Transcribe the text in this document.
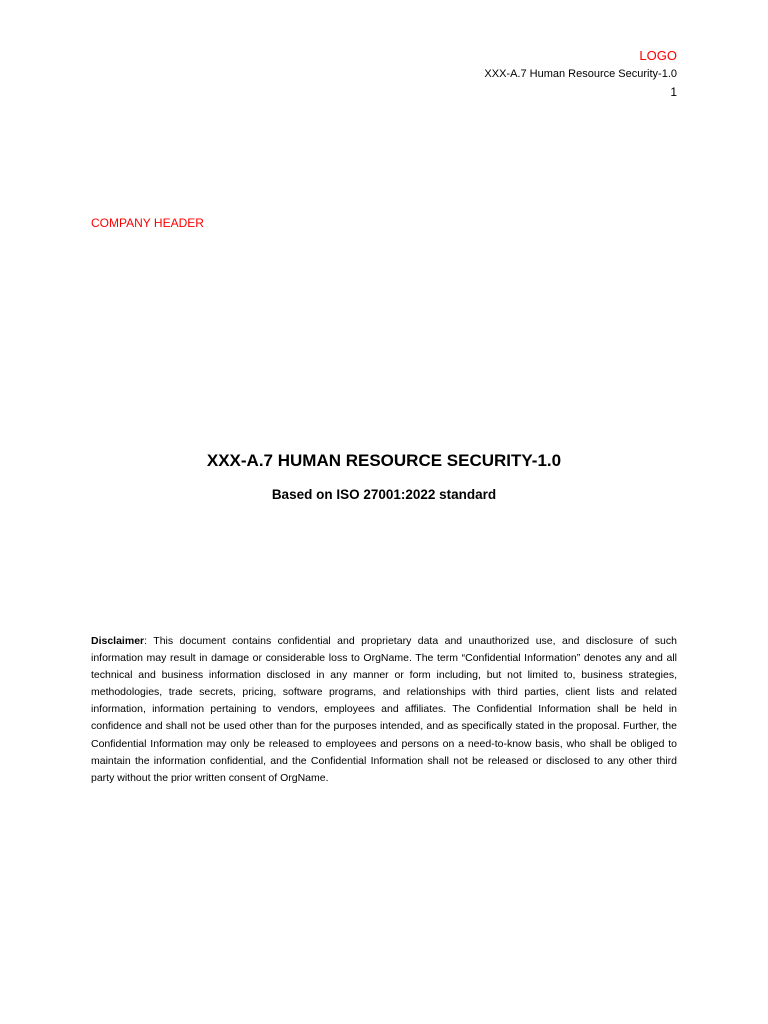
LOGO
XXX-A.7 Human Resource Security-1.0
1
COMPANY HEADER
XXX-A.7 HUMAN RESOURCE SECURITY-1.0
Based on ISO 27001:2022 standard

Disclaimer: This document contains confidential and proprietary data and unauthorized use, and disclosure of such information may result in damage or considerable loss to OrgName. The term “Confidential Information” denotes any and all technical and business information disclosed in any manner or form including, but not limited to, business strategies, methodologies, trade secrets, pricing, software programs, and relationships with third parties, client lists and related information, information pertaining to vendors, employees and affiliates. The Confidential Information shall be held in confidence and shall not be used other than for the purposes intended, and as specifically stated in the proposal. Further, the Confidential Information may only be released to employees and persons on a need-to-know basis, who shall be obliged to maintain the information confidential, and the Confidential Information shall not be released or disclosed to any other third party without the prior written consent of OrgName.
